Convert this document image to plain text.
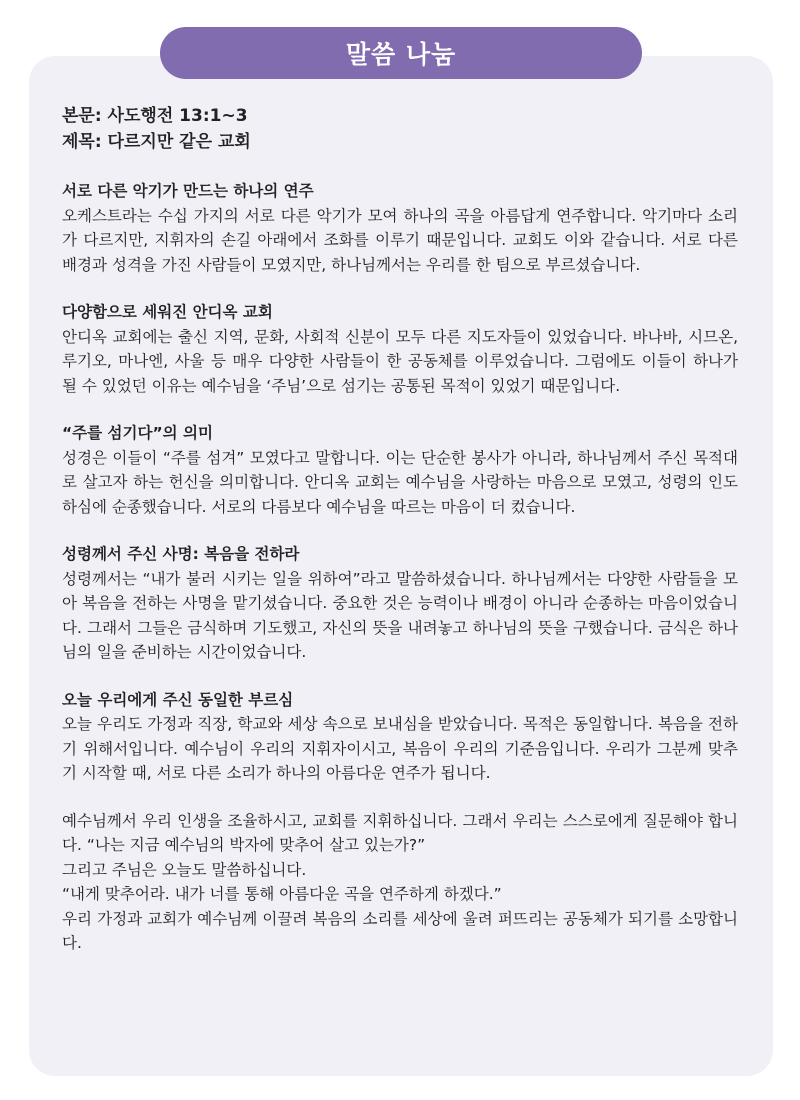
말씀 나눔

본문: 사도행전 13:1~3

제목: 다르지만 같은 교회

서로 다른 악기가 만드는 하나의 연주

오케스트라는 수십 가지의 서로 다른 악기가 모여 하나의 곡을 아름답게 연주합니다. 악기마다 소리가 다르지만, 지휘자의 손길 아래에서 조화를 이루기 때문입니다. 교회도 이와 같습니다. 서로 다른 배경과 성격을 가진 사람들이 모였지만, 하나님께서는 우리를 한 팀으로 부르셨습니다.

다양함으로 세워진 안디옥 교회

안디옥 교회에는 출신 지역, 문화, 사회적 신분이 모두 다른 지도자들이 있었습니다. 바나바, 시므온, 루기오, 마나엔, 사울 등 매우 다양한 사람들이 한 공동체를 이루었습니다. 그럼에도 이들이 하나가 될 수 있었던 이유는 예수님을 ‘주님’으로 섬기는 공통된 목적이 있었기 때문입니다.

“주를 섬기다”의 의미

성경은 이들이 “주를 섬겨” 모였다고 말합니다. 이는 단순한 봉사가 아니라, 하나님께서 주신 목적대로 살고자 하는 헌신을 의미합니다. 안디옥 교회는 예수님을 사랑하는 마음으로 모였고, 성령의 인도하심에 순종했습니다. 서로의 다름보다 예수님을 따르는 마음이 더 컸습니다.

성령께서 주신 사명: 복음을 전하라

성령께서는 “내가 불러 시키는 일을 위하여”라고 말씀하셨습니다. 하나님께서는 다양한 사람들을 모아 복음을 전하는 사명을 맡기셨습니다. 중요한 것은 능력이나 배경이 아니라 순종하는 마음이었습니다. 그래서 그들은 금식하며 기도했고, 자신의 뜻을 내려놓고 하나님의 뜻을 구했습니다. 금식은 하나님의 일을 준비하는 시간이었습니다.

오늘 우리에게 주신 동일한 부르심

오늘 우리도 가정과 직장, 학교와 세상 속으로 보내심을 받았습니다. 목적은 동일합니다. 복음을 전하기 위해서입니다. 예수님이 우리의 지휘자이시고, 복음이 우리의 기준음입니다. 우리가 그분께 맞추기 시작할 때, 서로 다른 소리가 하나의 아름다운 연주가 됩니다.

예수님께서 우리 인생을 조율하시고, 교회를 지휘하십니다. 그래서 우리는 스스로에게 질문해야 합니다. “나는 지금 예수님의 박자에 맞추어 살고 있는가?”

그리고 주님은 오늘도 말씀하십니다.

“내게 맞추어라. 내가 너를 통해 아름다운 곡을 연주하게 하겠다.”

우리 가정과 교회가 예수님께 이끌려 복음의 소리를 세상에 울려 퍼뜨리는 공동체가 되기를 소망합니다.
